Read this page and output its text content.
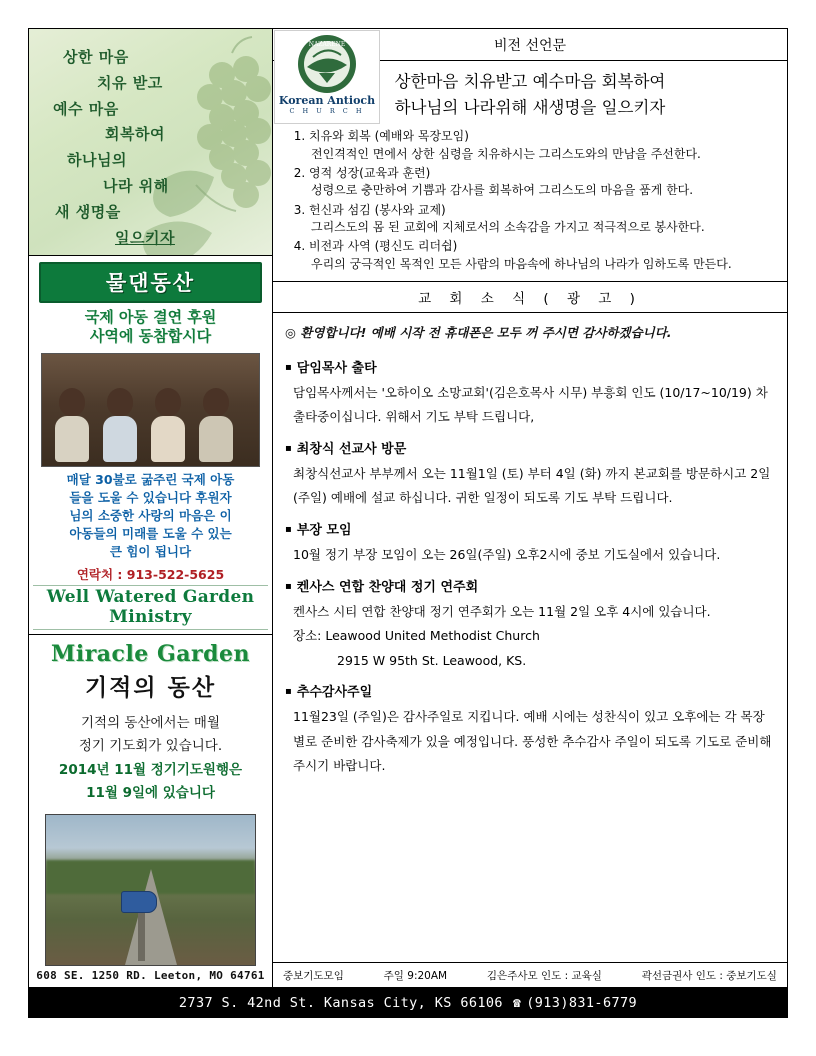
상한 마음
치유 받고
예수 마음
회복하여
하나님의
나라 위해
새 생명을
일으키자
물댄동산
국제 아동 결연 후원
사역에 동참합시다
매달 30불로 굶주린 국제 아동
들을 도울 수 있습니다 후원자
님의 소중한 사랑의 마음은 이
아동들의 미래를 도울 수 있는
큰 힘이 됩니다
연락처 : 913-522-5625
Well Watered Garden Ministry
Miracle Garden
기적의 동산
기적의 동산에서는 매월
정기 기도회가 있습니다.
2014년 11월 정기기도원행은
11월 9일에 있습니다
608 SE. 1250 RD. Leeton, MO 64761
비전 선언문
상한마음 치유받고 예수마음 회복하여
하나님의 나라위해 새생명을 일으키자
1. 치유와 회복 (예배와 목장모임)
전인격적인 면에서 상한 심령을 치유하시는 그리스도와의 만남을 주선한다.
2. 영적 성장(교육과 훈련)
성령으로 충만하여 기쁨과 감사를 회복하여 그리스도의 마음을 품게 한다.
3. 헌신과 섬김 (봉사와 교제)
그리스도의 몸 된 교회에 지체로서의 소속감을 가지고 적극적으로 봉사한다.
4. 비전과 사역 (평신도 리더쉽)
우리의 궁극적인 목적인 모든 사람의 마음속에 하나님의 나라가 임하도록 만든다.
교 회 소 식 ( 광 고 )
◎ 환영합니다! 예배 시작 전 휴대폰은 모두 꺼 주시면 감사하겠습니다.
▪ 담임목사 출타
담임목사께서는 '오하이오 소망교회'(김은호목사 시무) 부흥회 인도 (10/17~10/19) 차 출타중이십니다. 위해서 기도 부탁 드립니다,
▪ 최창식 선교사 방문
최창식선교사 부부께서 오는 11월1일 (토) 부터 4일 (화) 까지 본교회를 방문하시고 2일 (주일) 예배에 설교 하십니다. 귀한 일정이 되도록 기도 부탁 드립니다.
▪ 부장 모임
10월 정기 부장 모임이 오는 26일(주일) 오후2시에 중보 기도실에서 있습니다.
▪ 켄사스 연합 찬양대 정기 연주회
켄사스 시티 연합 찬양대 정기 연주회가 오는 11월 2일 오후 4시에 있습니다.
장소: Leawood United Methodist Church
2915 W 95th St. Leawood, KS.
▪ 추수감사주일
11월23일 (주일)은 감사주일로 지킵니다. 예배 시에는 성찬식이 있고 오후에는 각 목장별로 준비한 감사축제가 있을 예정입니다. 풍성한 추수감사 주일이 되도록 기도로 준비해 주시기 바랍니다.
중보기도모임	주일 9:20AM	김은주사모 인도 : 교육실	곽선금권사 인도 : 중보기도실
NAZARENE
Korean Antioch
C H U R C H
2737 S. 42nd St. Kansas City, KS 66106 ☎ (913)831-6779
